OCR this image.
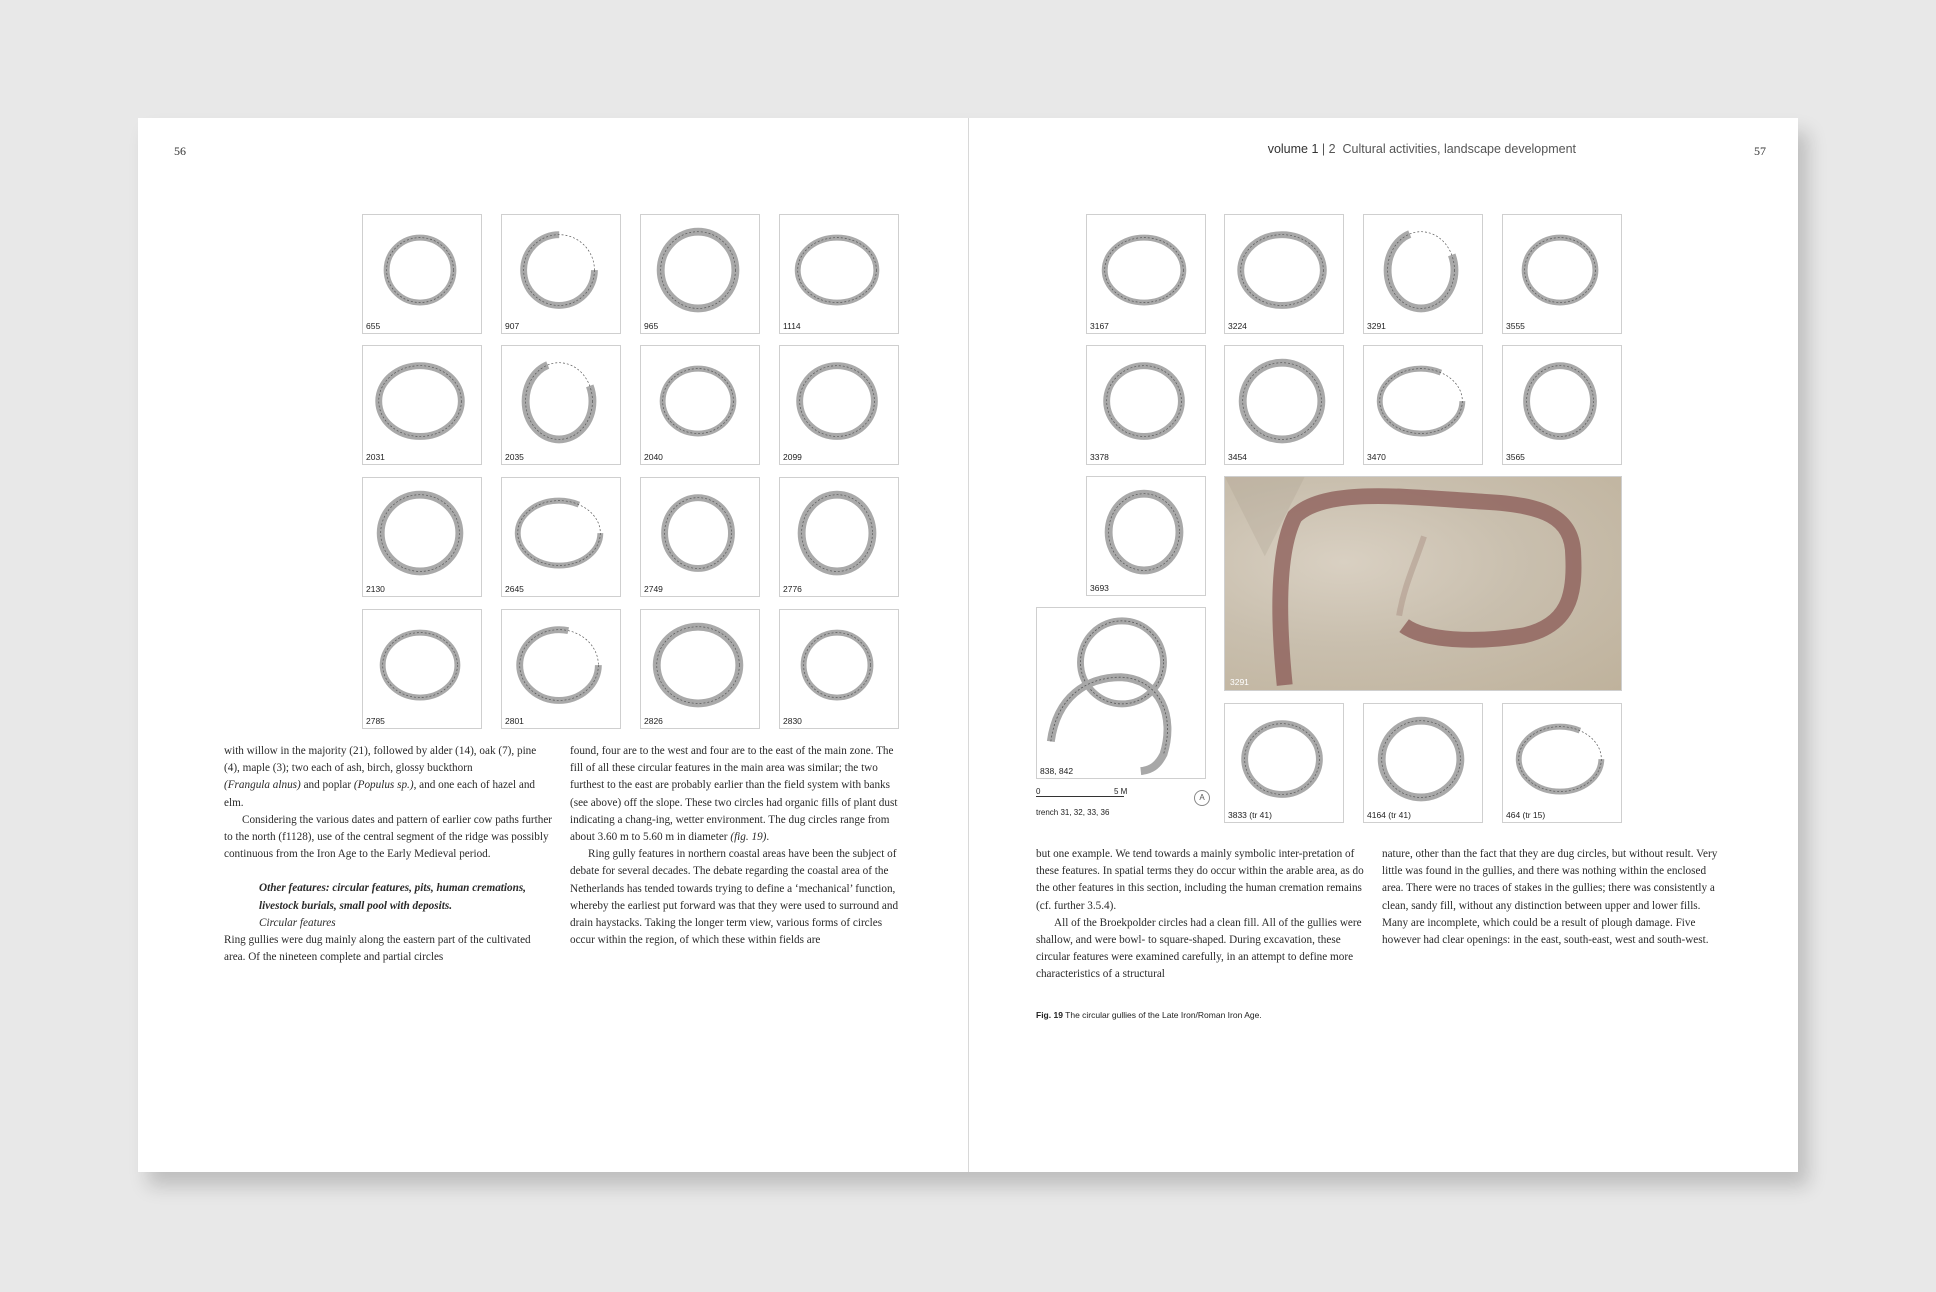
56	57
volume 1 | 2 Cultural activities, landscape development
3291
838, 842
0	5 M
trench 31, 32, 33, 36
A

with willow in the majority (21), followed by alder (14), oak (7), pine (4), maple (3); two each of ash, birch, glossy buckthorn
(Frangula alnus) and poplar (Populus sp.), and one each of hazel and elm.

Considering the various dates and pattern of earlier cow paths further to the north (f1128), use of the central segment of the ridge was possibly continuous from the Iron Age to the Early Medieval period.

Other features: circular features, pits, human cremations, livestock burials, small pool with deposits.

Circular features

Ring gullies were dug mainly along the eastern part of the cultivated area. Of the nineteen complete and partial circles

found, four are to the west and four are to the east of the main zone. The fill of all these circular features in the main area was similar; the two furthest to the east are probably earlier than the field system with banks (see above) off the slope. These two circles had organic fills of plant dust indicating a chang-ing, wetter environment. The dug circles range from about 3.60 m to 5.60 m in diameter (fig. 19).

Ring gully features in northern coastal areas have been the subject of debate for several decades. The debate regarding the coastal area of the Netherlands has tended towards trying to define a ‘mechanical’ function, whereby the earliest put forward was that they were used to surround and drain haystacks. Taking the longer term view, various forms of circles occur within the region, of which these within fields are

but one example. We tend towards a mainly symbolic inter-pretation of these features. In spatial terms they do occur within the arable area, as do the other features in this section, including the human cremation remains (cf. further 3.5.4).

All of the Broekpolder circles had a clean fill. All of the gullies were shallow, and were bowl- to square-shaped. During excavation, these circular features were examined carefully, in an attempt to define more characteristics of a structural

nature, other than the fact that they are dug circles, but without result. Very little was found in the gullies, and there was nothing within the enclosed area. There were no traces of stakes in the gullies; there was consistently a clean, sandy fill, without any distinction between upper and lower fills. Many are incomplete, which could be a result of plough damage. Five however had clear openings: in the east, south-east, west and south-west.

Fig. 19 The circular gullies of the Late Iron/Roman Iron Age.
655	907	965	1114
2031	2035	2040	2099
2130	2645	2749	2776
2785	2801	2826	2830
3167	3224	3291	3555
3378	3454	3470	3565
3693
3833 (tr 41)	4164 (tr 41)	464 (tr 15)
